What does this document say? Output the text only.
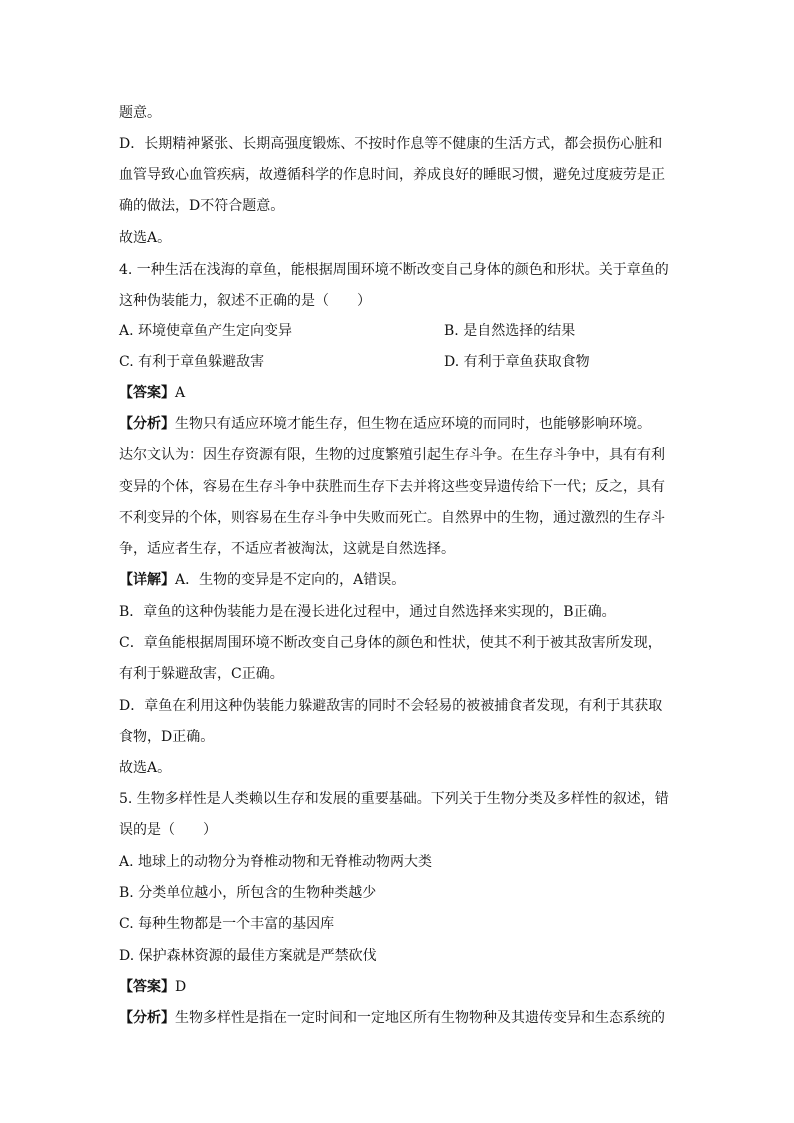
题意。
D．长期精神紧张、长期高强度锻炼、不按时作息等不健康的生活方式，都会损伤心脏和
血管导致心血管疾病，故遵循科学的作息时间，养成良好的睡眠习惯，避免过度疲劳是正
确的做法，D不符合题意。
故选A。
4. 一种生活在浅海的章鱼，能根据周围环境不断改变自己身体的颜色和形状。关于章鱼的
这种伪装能力，叙述不正确的是（　　）
A. 环境使章鱼产生定向变异	B. 是自然选择的结果
C. 有利于章鱼躲避敌害	D. 有利于章鱼获取食物
【答案】A
【分析】生物只有适应环境才能生存，但生物在适应环境的而同时，也能够影响环境。
达尔文认为：因生存资源有限，生物的过度繁殖引起生存斗争。在生存斗争中，具有有利
变异的个体，容易在生存斗争中获胜而生存下去并将这些变异遗传给下一代；反之，具有
不利变异的个体，则容易在生存斗争中失败而死亡。自然界中的生物，通过激烈的生存斗
争，适应者生存，不适应者被淘汰，这就是自然选择。
【详解】A．生物的变异是不定向的，A错误。
B．章鱼的这种伪装能力是在漫长进化过程中，通过自然选择来实现的，B正确。
C．章鱼能根据周围环境不断改变自己身体的颜色和性状，使其不利于被其敌害所发现，
有利于躲避敌害，C正确。
D．章鱼在利用这种伪装能力躲避敌害的同时不会轻易的被被捕食者发现，有利于其获取
食物，D正确。
故选A。
5. 生物多样性是人类赖以生存和发展的重要基础。下列关于生物分类及多样性的叙述，错
误的是（　　）
A. 地球上的动物分为脊椎动物和无脊椎动物两大类
B. 分类单位越小，所包含的生物种类越少
C. 每种生物都是一个丰富的基因库
D. 保护森林资源的最佳方案就是严禁砍伐
【答案】D
【分析】生物多样性是指在一定时间和一定地区所有生物物种及其遗传变异和生态系统的
